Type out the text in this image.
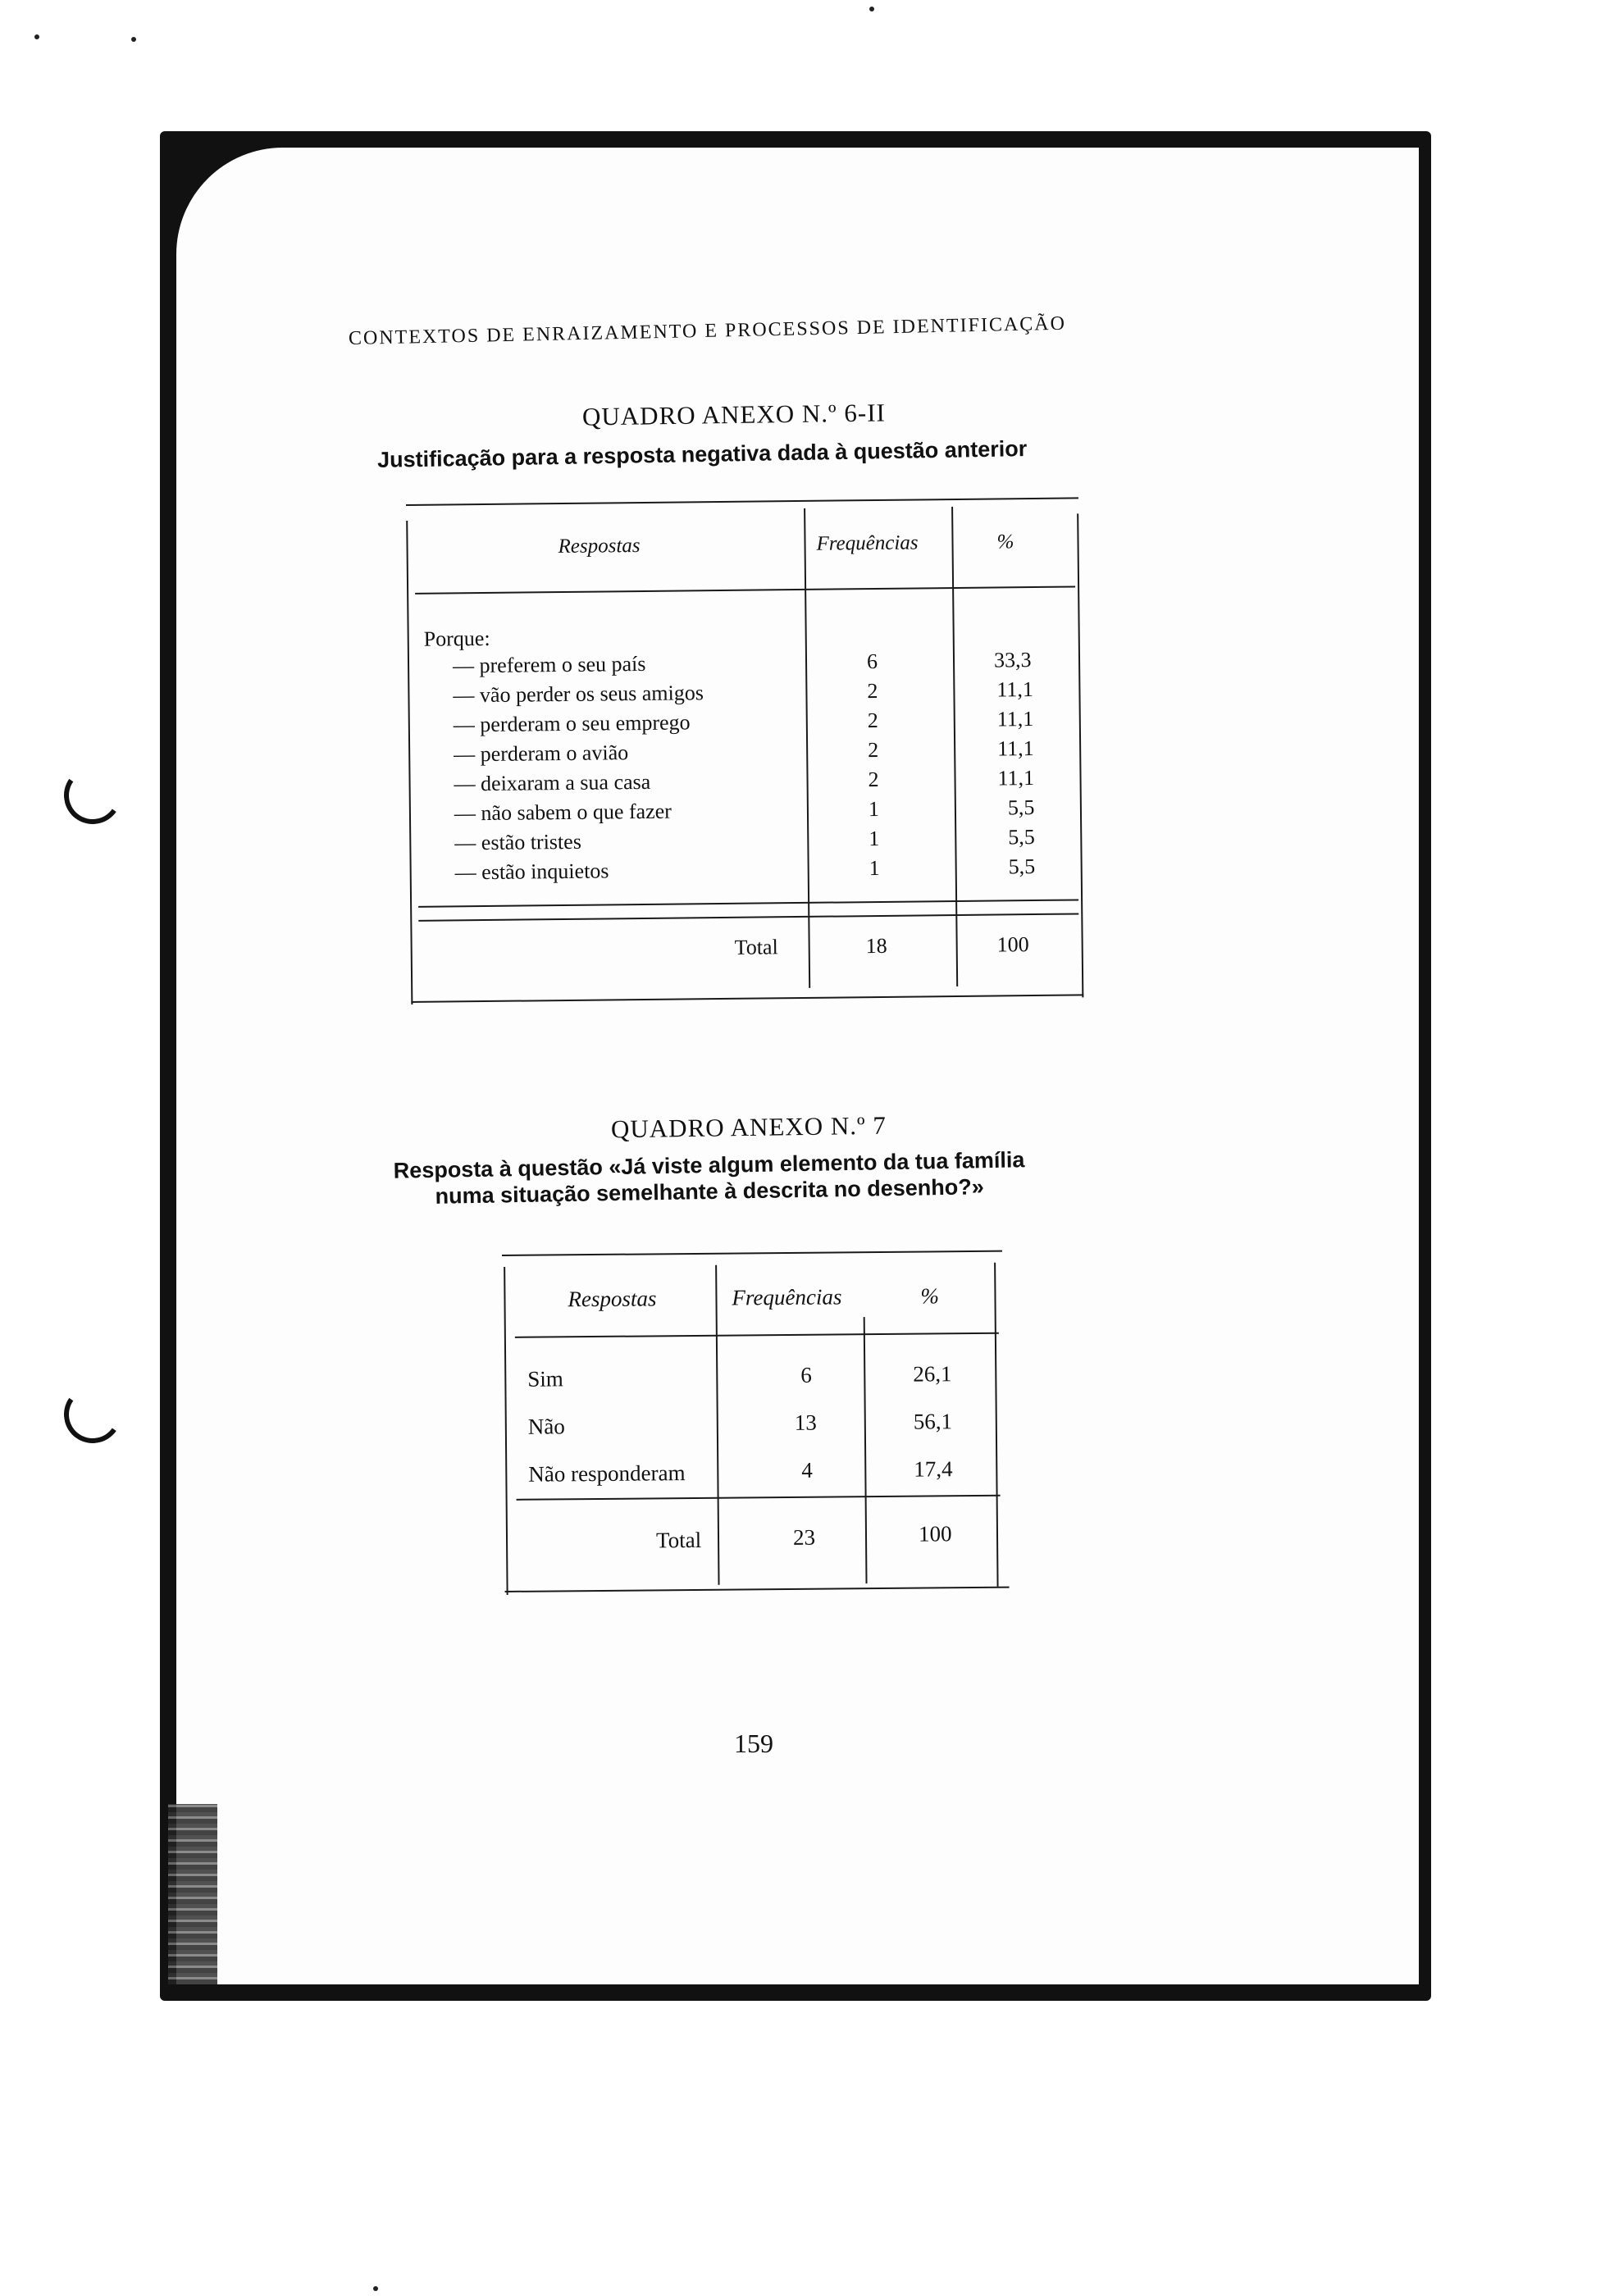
CONTEXTOS DE ENRAIZAMENTO E PROCESSOS DE IDENTIFICAÇÃO
QUADRO ANEXO N.º 6-II
Justificação para a resposta negativa dada à questão anterior
Respostas	Frequências	%
Porque:
— preferem o seu país	6	33,3
— vão perder os seus amigos	2	11,1
— perderam o seu emprego	2	11,1
— perderam o avião	2	11,1
— deixaram a sua casa	2	11,1
— não sabem o que fazer	1	5,5
— estão tristes	1	5,5
— estão inquietos	1	5,5
Total	18	100
QUADRO ANEXO N.º 7
Resposta à questão «Já viste algum elemento da tua família
numa situação semelhante à descrita no desenho?»
Respostas	Frequências	%
Sim	6	26,1
Não	13	56,1
Não responderam	4	17,4
Total	23	100
159
